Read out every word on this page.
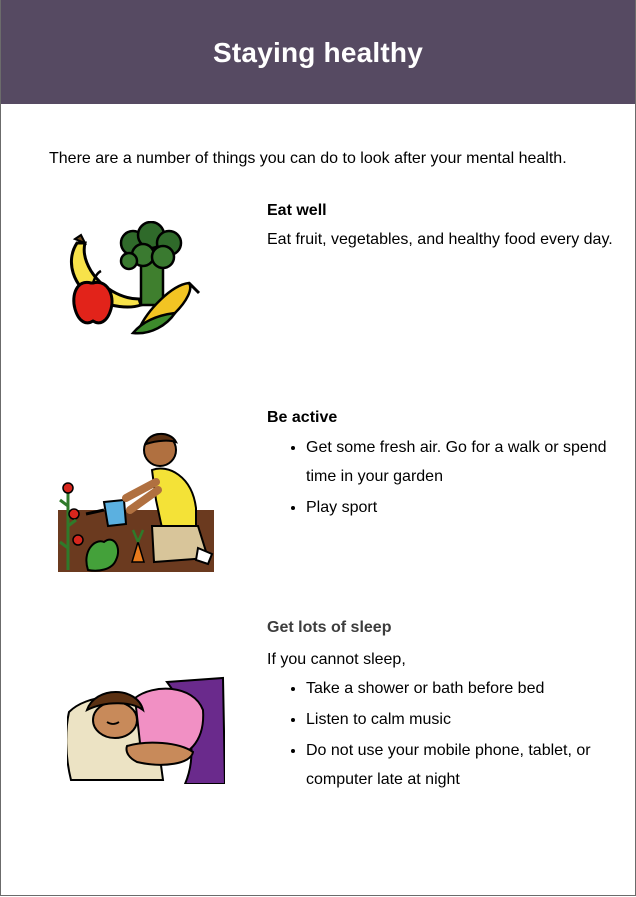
Staying healthy
There are a number of things you can do to look after your mental health.
Eat well

Eat fruit, vegetables, and healthy food every day.

Be active
• Get some fresh air. Go for a walk or spend time in your garden
• Play sport
Get lots of sleep

If you cannot sleep,

• Take a shower or bath before bed
• Listen to calm music
• Do not use your mobile phone, tablet, or computer late at night
